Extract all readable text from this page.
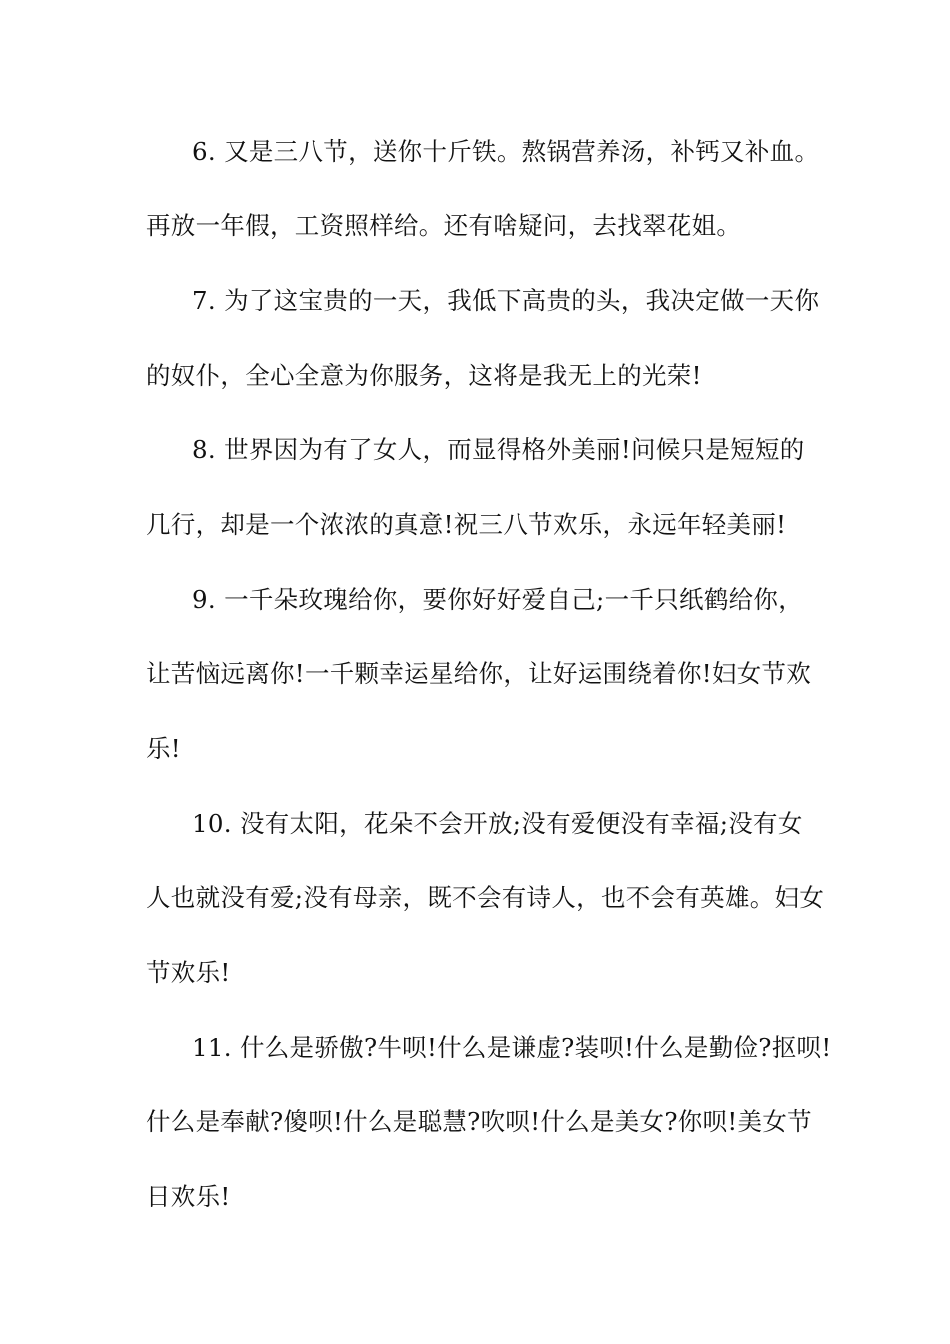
6. 又是三八节，送你十斤铁。熬锅营养汤，补钙又补血。
再放一年假，工资照样给。还有啥疑问，去找翠花姐。
7. 为了这宝贵的一天，我低下高贵的头，我决定做一天你
的奴仆，全心全意为你服务，这将是我无上的光荣!
8. 世界因为有了女人，而显得格外美丽!问候只是短短的
几行，却是一个浓浓的真意!祝三八节欢乐，永远年轻美丽!
9. 一千朵玫瑰给你，要你好好爱自己;一千只纸鹤给你，
让苦恼远离你!一千颗幸运星给你，让好运围绕着你!妇女节欢
乐!
10. 没有太阳，花朵不会开放;没有爱便没有幸福;没有女
人也就没有爱;没有母亲，既不会有诗人，也不会有英雄。妇女
节欢乐!
11. 什么是骄傲?牛呗!什么是谦虚?装呗!什么是勤俭?抠呗!
什么是奉献?傻呗!什么是聪慧?吹呗!什么是美女?你呗!美女节
日欢乐!
